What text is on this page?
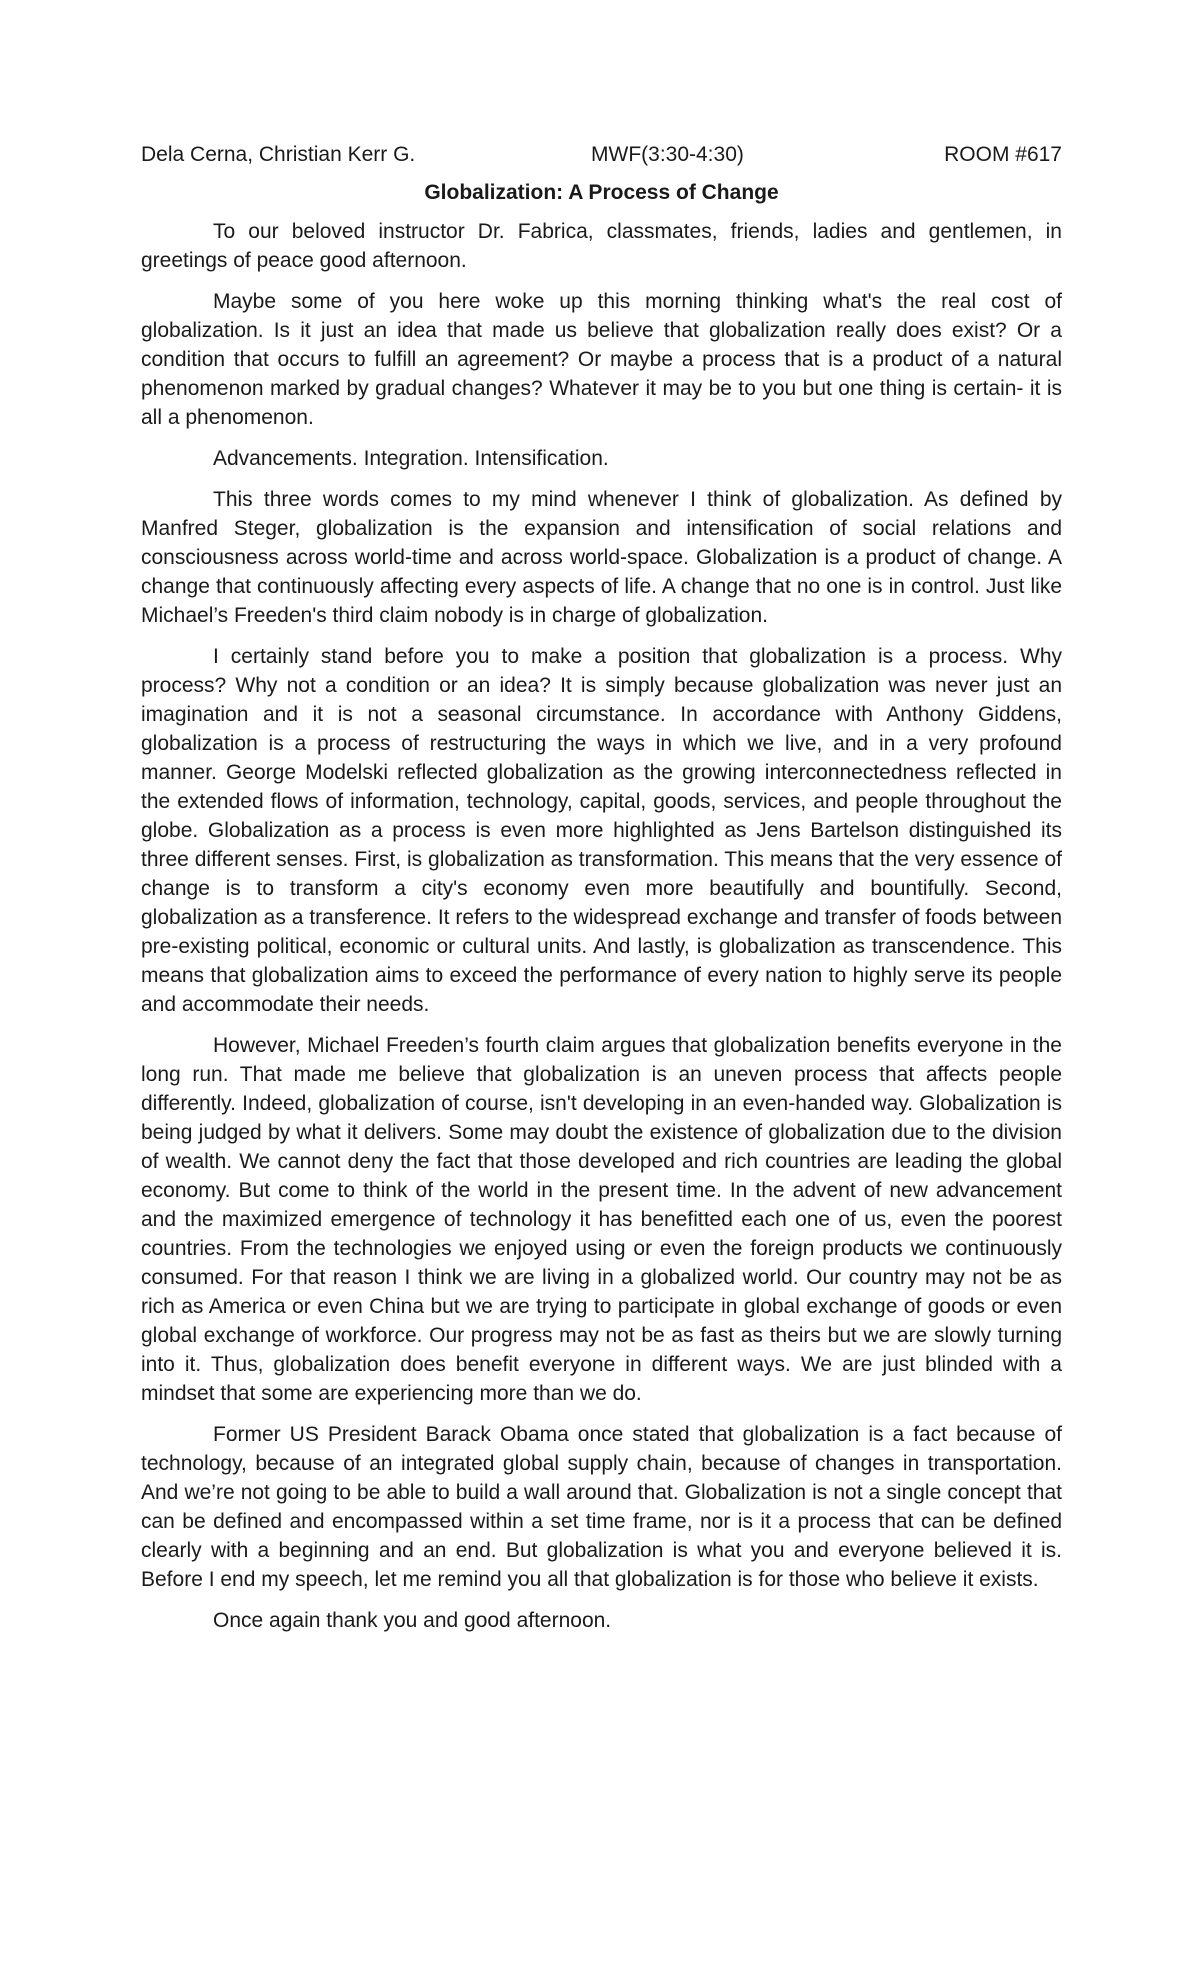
Dela Cerna, Christian Kerr G.	MWF(3:30-4:30)	ROOM #617
Globalization: A Process of Change

To our beloved instructor Dr. Fabrica, classmates, friends, ladies and gentlemen, in greetings of peace good afternoon.

Maybe some of you here woke up this morning thinking what's the real cost of globalization. Is it just an idea that made us believe that globalization really does exist? Or a condition that occurs to fulfill an agreement? Or maybe a process that is a product of a natural phenomenon marked by gradual changes? Whatever it may be to you but one thing is certain- it is all a phenomenon.

Advancements. Integration. Intensification.

This three words comes to my mind whenever I think of globalization. As defined by Manfred Steger, globalization is the expansion and intensification of social relations and consciousness across world-time and across world-space. Globalization is a product of change. A change that continuously affecting every aspects of life. A change that no one is in control. Just like Michael’s Freeden's third claim nobody is in charge of globalization.

I certainly stand before you to make a position that globalization is a process. Why process? Why not a condition or an idea? It is simply because globalization was never just an imagination and it is not a seasonal circumstance. In accordance with Anthony Giddens, globalization is a process of restructuring the ways in which we live, and in a very profound manner. George Modelski reflected globalization as the growing interconnectedness reflected in the extended flows of information, technology, capital, goods, services, and people throughout the globe. Globalization as a process is even more highlighted as Jens Bartelson distinguished its three different senses. First, is globalization as transformation. This means that the very essence of change is to transform a city's economy even more beautifully and bountifully. Second, globalization as a transference. It refers to the widespread exchange and transfer of foods between pre-existing political, economic or cultural units. And lastly, is globalization as transcendence. This means that globalization aims to exceed the performance of every nation to highly serve its people and accommodate their needs.

However, Michael Freeden’s fourth claim argues that globalization benefits everyone in the long run. That made me believe that globalization is an uneven process that affects people differently. Indeed, globalization of course, isn't developing in an even-handed way. Globalization is being judged by what it delivers. Some may doubt the existence of globalization due to the division of wealth. We cannot deny the fact that those developed and rich countries are leading the global economy. But come to think of the world in the present time. In the advent of new advancement and the maximized emergence of technology it has benefitted each one of us, even the poorest countries. From the technologies we enjoyed using or even the foreign products we continuously consumed. For that reason I think we are living in a globalized world. Our country may not be as rich as America or even China but we are trying to participate in global exchange of goods or even global exchange of workforce. Our progress may not be as fast as theirs but we are slowly turning into it. Thus, globalization does benefit everyone in different ways. We are just blinded with a mindset that some are experiencing more than we do.

Former US President Barack Obama once stated that globalization is a fact because of technology, because of an integrated global supply chain, because of changes in transportation. And we’re not going to be able to build a wall around that. Globalization is not a single concept that can be defined and encompassed within a set time frame, nor is it a process that can be defined clearly with a beginning and an end. But globalization is what you and everyone believed it is. Before I end my speech, let me remind you all that globalization is for those who believe it exists.

Once again thank you and good afternoon.
